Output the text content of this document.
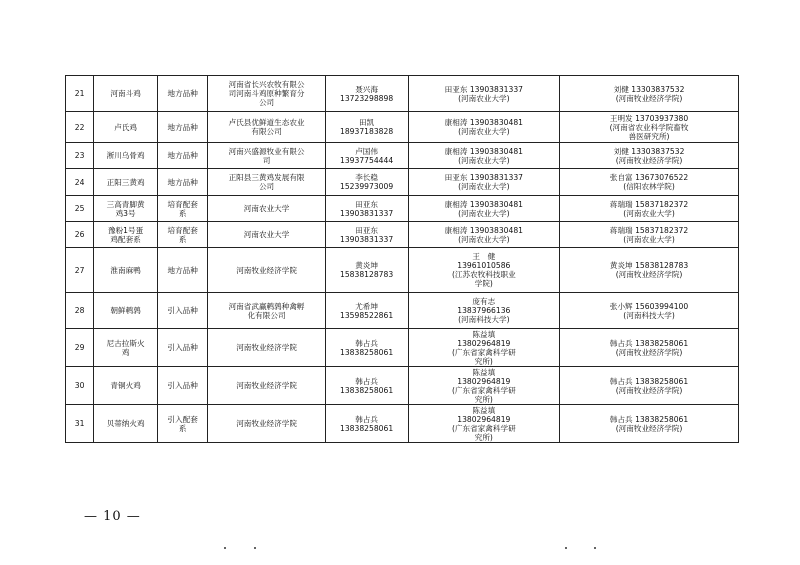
21	河南斗鸡	地方品种	河南省长兴农牧有限公
司河南斗鸡原种繁育分
公司	聂兴海
13723298898	田亚东 13903831337
(河南农业大学)	刘健 13303837532
(河南牧业经济学院)

22	卢氏鸡	地方品种	卢氏县优鲜道生态农业
有限公司	田凯
18937183828	康相涛 13903830481
(河南农业大学)	王明发 13703937380
(河南省农业科学院畜牧
兽医研究所)

23	淅川乌骨鸡	地方品种	河南兴盛源牧业有限公
司	卢国伟
13937754444	康相涛 13903830481
(河南农业大学)	刘健 13303837532
(河南牧业经济学院)

24	正阳三黄鸡	地方品种	正阳县三黄鸡发展有限
公司	李长稳
15239973009	田亚东 13903831337
(河南农业大学)	张自富 13673076522
(信阳农林学院)

25	三高青脚黄
鸡3号	培育配套
系	河南农业大学	田亚东
13903831337	康相涛 13903830481
(河南农业大学)	蒋瑞瑞 15837182372
(河南农业大学)

26	豫粉1号蛋
鸡配套系	培育配套
系	河南农业大学	田亚东
13903831337	康相涛 13903830481
(河南农业大学)	蒋瑞瑞 15837182372
(河南农业大学)

27	淮南麻鸭	地方品种	河南牧业经济学院	黄炎坤
15838128783	王　健
13961010586
(江苏农牧科技职业
学院)	黄炎坤 15838128783
(河南牧业经济学院)

28	朝鲜鹌鹑	引入品种	河南省武赢鹌鹑种禽孵
化有限公司	尤希坤
13598522861	庞有志
13837966136
(河南科技大学)	张小辉 15603994100
(河南科技大学)

29	尼古拉斯火
鸡	引入品种	河南牧业经济学院	韩占兵
13838258061	陈益填
13802964819
(广东省家禽科学研
究所)	韩占兵 13838258061
(河南牧业经济学院)

30	青铜火鸡	引入品种	河南牧业经济学院	韩占兵
13838258061	陈益填
13802964819
(广东省家禽科学研
究所)	韩占兵 13838258061
(河南牧业经济学院)

31	贝蒂纳火鸡	引入配套
系	河南牧业经济学院	韩占兵
13838258061	陈益填
13802964819
(广东省家禽科学研
究所)	韩占兵 13838258061
(河南牧业经济学院)
— 10 —
